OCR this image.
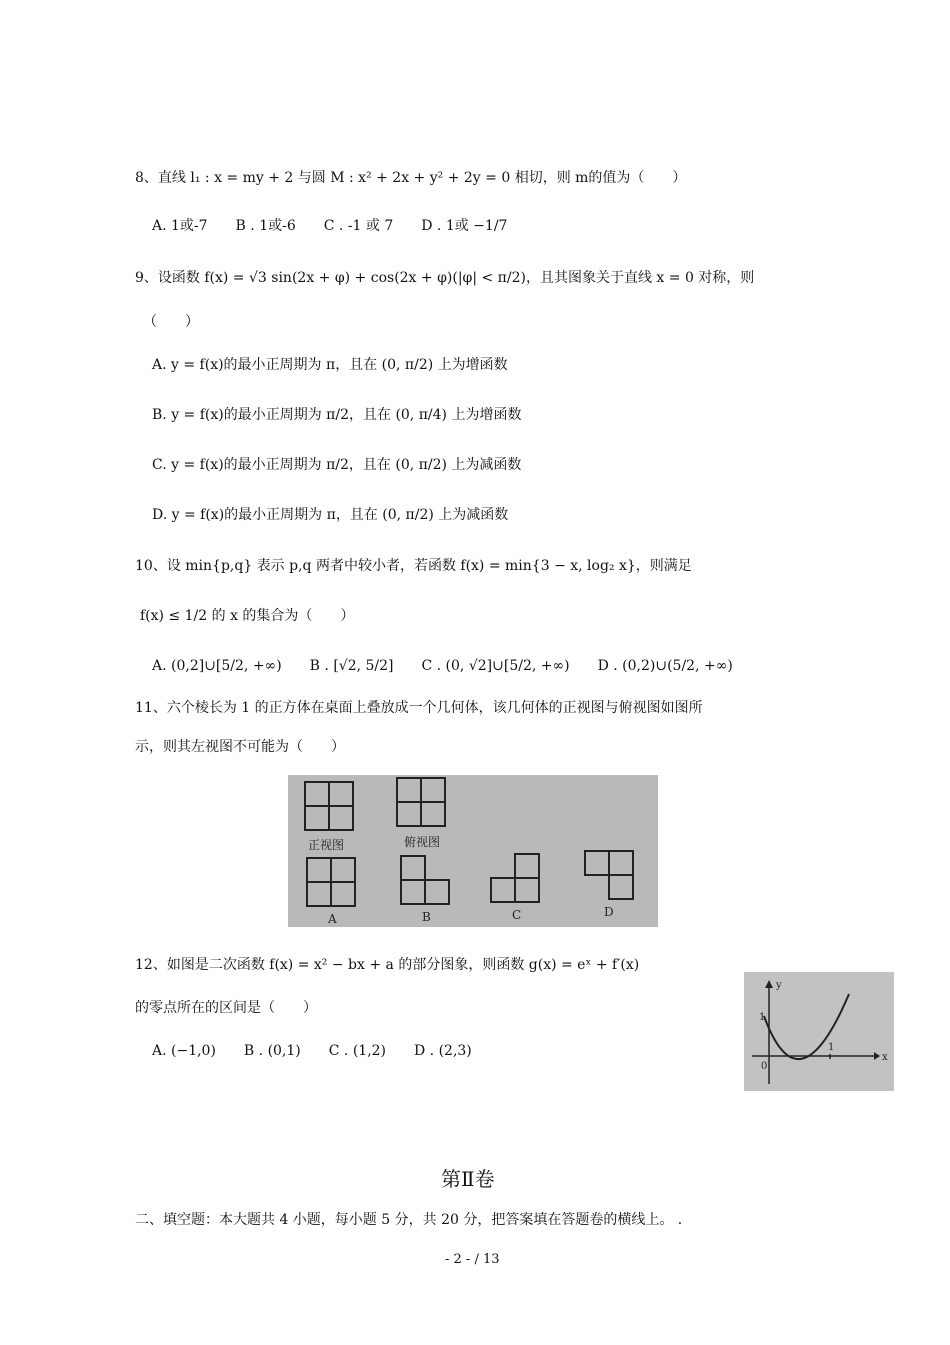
8、直线 l₁ : x = my + 2 与圆 M : x² + 2x + y² + 2y = 0 相切，则 m的值为（　　）
A. 1或-7　　B . 1或-6　　C . -1 或 7　　D . 1或 −1/7
9、设函数 f(x) = √3 sin(2x + φ) + cos(2x + φ)(|φ| < π/2)，且其图象关于直线 x = 0 对称，则
（　　）
A. y = f(x)的最小正周期为 π，且在 (0, π/2) 上为增函数
B. y = f(x)的最小正周期为 π/2，且在 (0, π/4) 上为增函数
C. y = f(x)的最小正周期为 π/2，且在 (0, π/2) 上为减函数
D. y = f(x)的最小正周期为 π，且在 (0, π/2) 上为减函数
10、设 min{p,q} 表示 p,q 两者中较小者，若函数 f(x) = min{3 − x, log₂ x}，则满足
f(x) ≤ 1/2 的 x 的集合为（　　）
A. (0,2]∪[5/2, +∞)　　B . [√2, 5/2]　　C . (0, √2]∪[5/2, +∞)　　D . (0,2)∪(5/2, +∞)
11、六个棱长为 1 的正方体在桌面上叠放成一个几何体，该几何体的正视图与俯视图如图所
示，则其左视图不可能为（　　）
正视图	俯视图
A	B	C	D
12、如图是二次函数 f(x) = x² − bx + a 的部分图象，则函数 g(x) = eˣ + f′(x)
的零点所在的区间是（　　）
A. (−1,0)　　B . (0,1)　　C . (1,2)　　D . (2,3)
y
x
1
0
1
第Ⅱ卷
二、填空题：本大题共 4 小题，每小题 5 分，共 20 分，把答案填在答题卷的横线上。 .
- 2 - / 13
